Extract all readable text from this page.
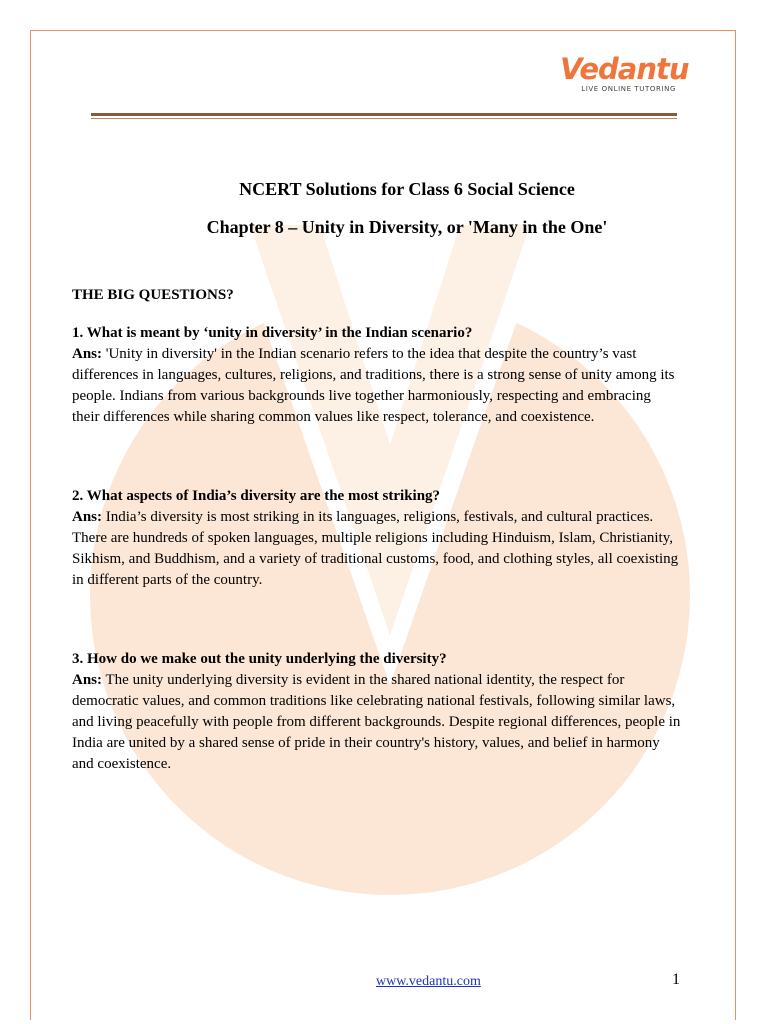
Vedantu
LIVE ONLINE TUTORING
NCERT Solutions for Class 6 Social Science
Chapter 8 – Unity in Diversity, or 'Many in the One'
THE BIG QUESTIONS?
1. What is meant by ‘unity in diversity’ in the Indian scenario?
Ans: 'Unity in diversity' in the Indian scenario refers to the idea that despite the country’s vast differences in languages, cultures, religions, and traditions, there is a strong sense of unity among its people. Indians from various backgrounds live together harmoniously, respecting and embracing their differences while sharing common values like respect, tolerance, and coexistence.
2. What aspects of India’s diversity are the most striking?
Ans: India’s diversity is most striking in its languages, religions, festivals, and cultural practices. There are hundreds of spoken languages, multiple religions including Hinduism, Islam, Christianity, Sikhism, and Buddhism, and a variety of traditional customs, food, and clothing styles, all coexisting in different parts of the country.
3. How do we make out the unity underlying the diversity?
Ans: The unity underlying diversity is evident in the shared national identity, the respect for democratic values, and common traditions like celebrating national festivals, following similar laws, and living peacefully with people from different backgrounds. Despite regional differences, people in India are united by a shared sense of pride in their country's history, values, and belief in harmony and coexistence.
www.vedantu.com	1
